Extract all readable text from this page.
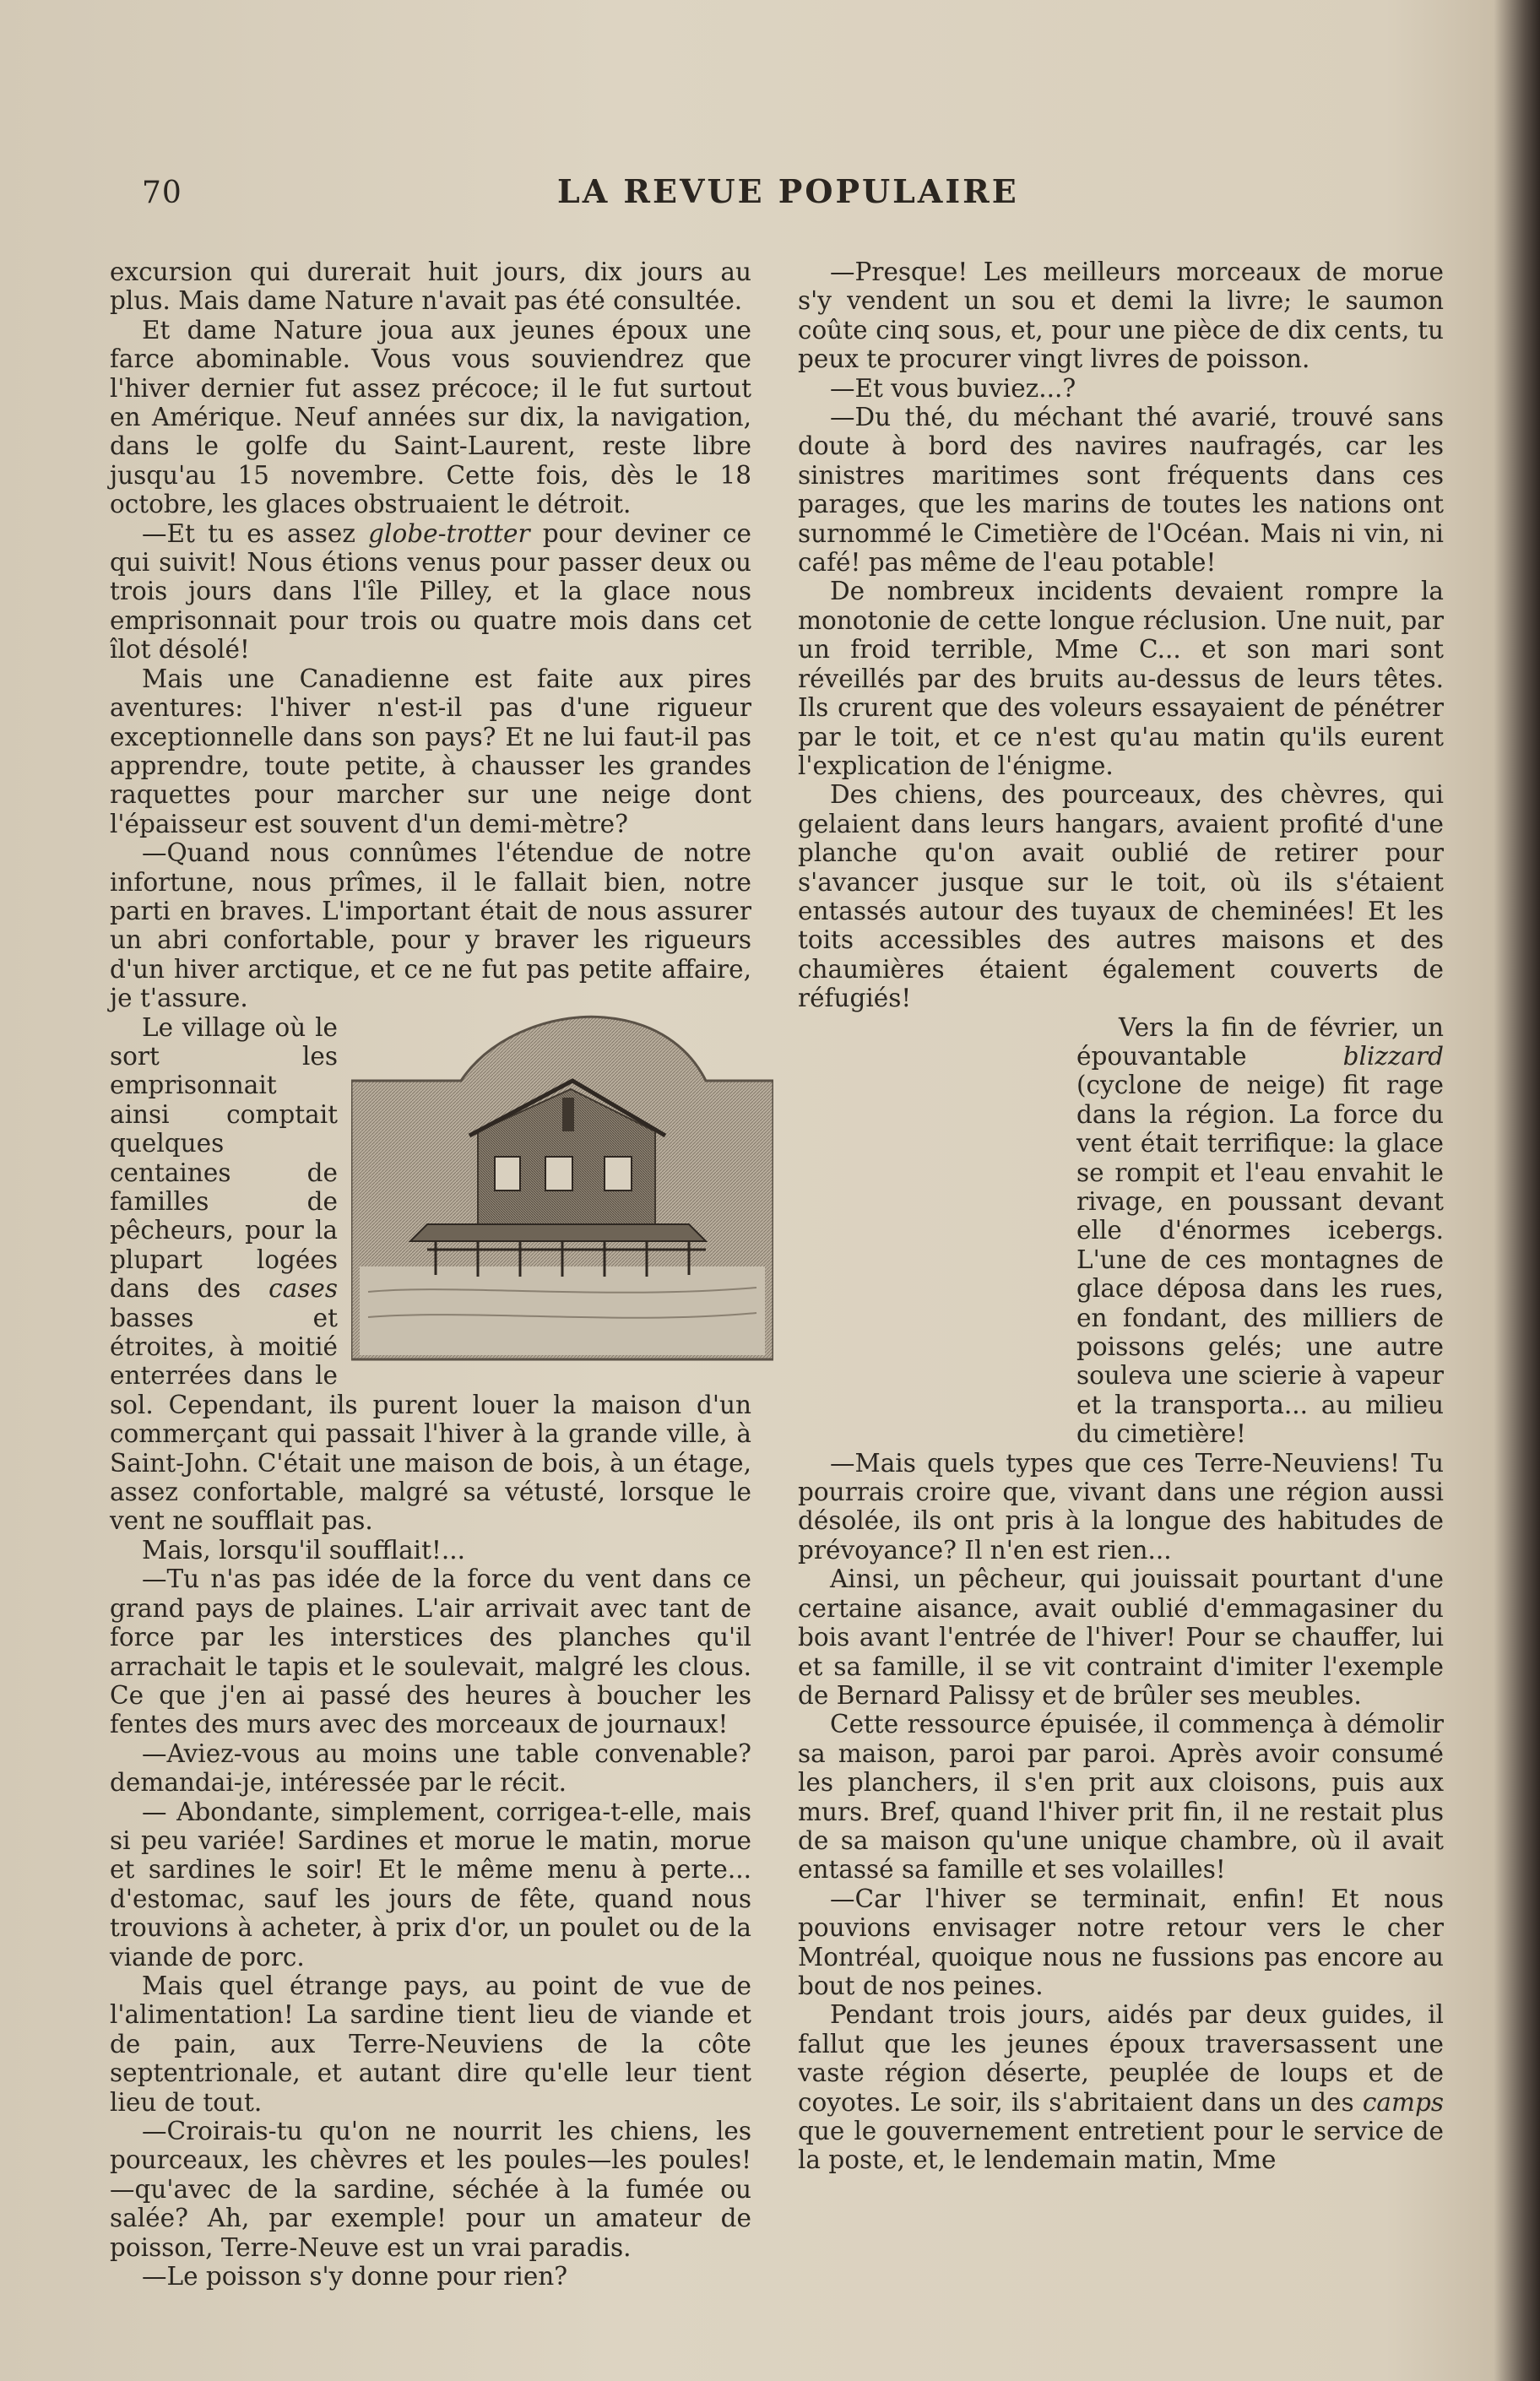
70	LA REVUE POPULAIRE

excursion qui durerait huit jours, dix jours au plus. Mais dame Nature n'avait pas été consultée.

Et dame Nature joua aux jeunes époux une farce abominable. Vous vous souviendrez que l'hiver dernier fut assez précoce; il le fut surtout en Amérique. Neuf années sur dix, la navigation, dans le golfe du Saint-Laurent, reste libre jusqu'au 15 novembre. Cette fois, dès le 18 octobre, les glaces obstruaient le détroit.

—Et tu es assez globe-trotter pour deviner ce qui suivit! Nous étions venus pour passer deux ou trois jours dans l'île Pilley, et la glace nous emprisonnait pour trois ou quatre mois dans cet îlot désolé!

Mais une Canadienne est faite aux pires aventures: l'hiver n'est-il pas d'une rigueur exceptionnelle dans son pays? Et ne lui faut-il pas apprendre, toute petite, à chausser les grandes raquettes pour marcher sur une neige dont l'épaisseur est souvent d'un demi-mètre?

—Quand nous connûmes l'étendue de notre infortune, nous prîmes, il le fallait bien, notre parti en braves. L'important était de nous assurer un abri confortable, pour y braver les rigueurs d'un hiver arctique, et ce ne fut pas petite affaire, je t'assure.

Le village où le sort les emprisonnait ainsi comptait quelques centaines de familles de pêcheurs, pour la plupart logées dans des cases basses et étroites, à moitié enterrées dans le sol. Cependant, ils purent louer la maison d'un commerçant qui passait l'hiver à la grande ville, à Saint-John. C'était une maison de bois, à un étage, assez confortable, malgré sa vétusté, lorsque le vent ne soufflait pas.

Mais, lorsqu'il soufflait!...

—Tu n'as pas idée de la force du vent dans ce grand pays de plaines. L'air arrivait avec tant de force par les interstices des planches qu'il arrachait le tapis et le soulevait, malgré les clous. Ce que j'en ai passé des heures à boucher les fentes des murs avec des morceaux de journaux!

—Aviez-vous au moins une table convenable? demandai-je, intéressée par le récit.

— Abondante, simplement, corrigea-t-elle, mais si peu variée! Sardines et morue le matin, morue et sardines le soir! Et le même menu à perte... d'estomac, sauf les jours de fête, quand nous trouvions à acheter, à prix d'or, un poulet ou de la viande de porc.

Mais quel étrange pays, au point de vue de l'alimentation! La sardine tient lieu de viande et de pain, aux Terre-Neuviens de la côte septentrionale, et autant dire qu'elle leur tient lieu de tout.

—Croirais-tu qu'on ne nourrit les chiens, les pourceaux, les chèvres et les poules—les poules!—qu'avec de la sardine, séchée à la fumée ou salée? Ah, par exemple! pour un amateur de poisson, Terre-Neuve est un vrai paradis.

—Le poisson s'y donne pour rien?

—Presque! Les meilleurs morceaux de morue s'y vendent un sou et demi la livre; le saumon coûte cinq sous, et, pour une pièce de dix cents, tu peux te procurer vingt livres de poisson.

—Et vous buviez...?

—Du thé, du méchant thé avarié, trouvé sans doute à bord des navires naufragés, car les sinistres maritimes sont fréquents dans ces parages, que les marins de toutes les nations ont surnommé le Cimetière de l'Océan. Mais ni vin, ni café! pas même de l'eau potable!

De nombreux incidents devaient rompre la monotonie de cette longue réclusion. Une nuit, par un froid terrible, Mme C... et son mari sont réveillés par des bruits au-dessus de leurs têtes. Ils crurent que des voleurs essayaient de pénétrer par le toit, et ce n'est qu'au matin qu'ils eurent l'explication de l'énigme.

Des chiens, des pourceaux, des chèvres, qui gelaient dans leurs hangars, avaient profité d'une planche qu'on avait oublié de retirer pour s'avancer jusque sur le toit, où ils s'étaient entassés autour des tuyaux de cheminées! Et les toits accessibles des autres maisons et des chaumières étaient également couverts de réfugiés!

Vers la fin de février, un épouvantable blizzard (cyclone de neige) fit rage dans la région. La force du vent était terrifique: la glace se rompit et l'eau envahit le rivage, en poussant devant elle d'énormes icebergs. L'une de ces montagnes de glace déposa dans les rues, en fondant, des milliers de poissons gelés; une autre souleva une scierie à vapeur et la transporta... au milieu du cimetière!

—Mais quels types que ces Terre-Neuviens! Tu pourrais croire que, vivant dans une région aussi désolée, ils ont pris à la longue des habitudes de prévoyance? Il n'en est rien...

Ainsi, un pêcheur, qui jouissait pourtant d'une certaine aisance, avait oublié d'emmagasiner du bois avant l'entrée de l'hiver! Pour se chauffer, lui et sa famille, il se vit contraint d'imiter l'exemple de Bernard Palissy et de brûler ses meubles.

Cette ressource épuisée, il commença à démolir sa maison, paroi par paroi. Après avoir consumé les planchers, il s'en prit aux cloisons, puis aux murs. Bref, quand l'hiver prit fin, il ne restait plus de sa maison qu'une unique chambre, où il avait entassé sa famille et ses volailles!

—Car l'hiver se terminait, enfin! Et nous pouvions envisager notre retour vers le cher Montréal, quoique nous ne fussions pas encore au bout de nos peines.

Pendant trois jours, aidés par deux guides, il fallut que les jeunes époux traversassent une vaste région déserte, peuplée de loups et de coyotes. Le soir, ils s'abritaient dans un des camps que le gouvernement entretient pour le service de la poste, et, le lendemain matin, Mme
